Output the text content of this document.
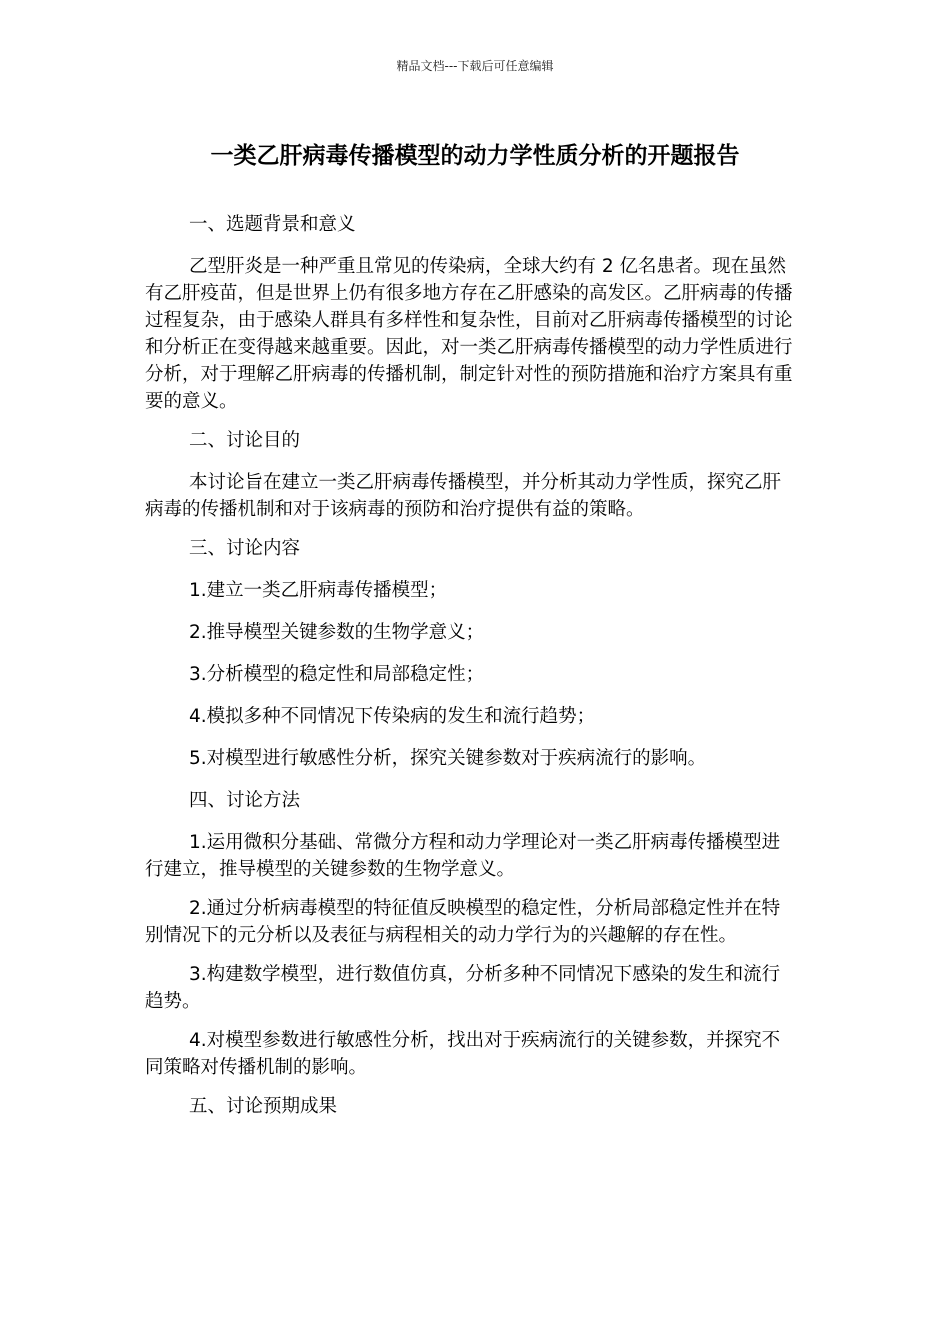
精品文档---下载后可任意编辑
一类乙肝病毒传播模型的动力学性质分析的开题报告

一、选题背景和意义

乙型肝炎是一种严重且常见的传染病，全球大约有 2 亿名患者。现在虽然有乙肝疫苗，但是世界上仍有很多地方存在乙肝感染的高发区。乙肝病毒的传播过程复杂，由于感染人群具有多样性和复杂性，目前对乙肝病毒传播模型的讨论和分析正在变得越来越重要。因此，对一类乙肝病毒传播模型的动力学性质进行分析，对于理解乙肝病毒的传播机制，制定针对性的预防措施和治疗方案具有重要的意义。

二、讨论目的

本讨论旨在建立一类乙肝病毒传播模型，并分析其动力学性质，探究乙肝病毒的传播机制和对于该病毒的预防和治疗提供有益的策略。

三、讨论内容

1.建立一类乙肝病毒传播模型；

2.推导模型关键参数的生物学意义；

3.分析模型的稳定性和局部稳定性；

4.模拟多种不同情况下传染病的发生和流行趋势；

5.对模型进行敏感性分析，探究关键参数对于疾病流行的影响。

四、讨论方法

1.运用微积分基础、常微分方程和动力学理论对一类乙肝病毒传播模型进行建立，推导模型的关键参数的生物学意义。

2.通过分析病毒模型的特征值反映模型的稳定性，分析局部稳定性并在特别情况下的元分析以及表征与病程相关的动力学行为的兴趣解的存在性。

3.构建数学模型，进行数值仿真，分析多种不同情况下感染的发生和流行趋势。

4.对模型参数进行敏感性分析，找出对于疾病流行的关键参数，并探究不同策略对传播机制的影响。

五、讨论预期成果
